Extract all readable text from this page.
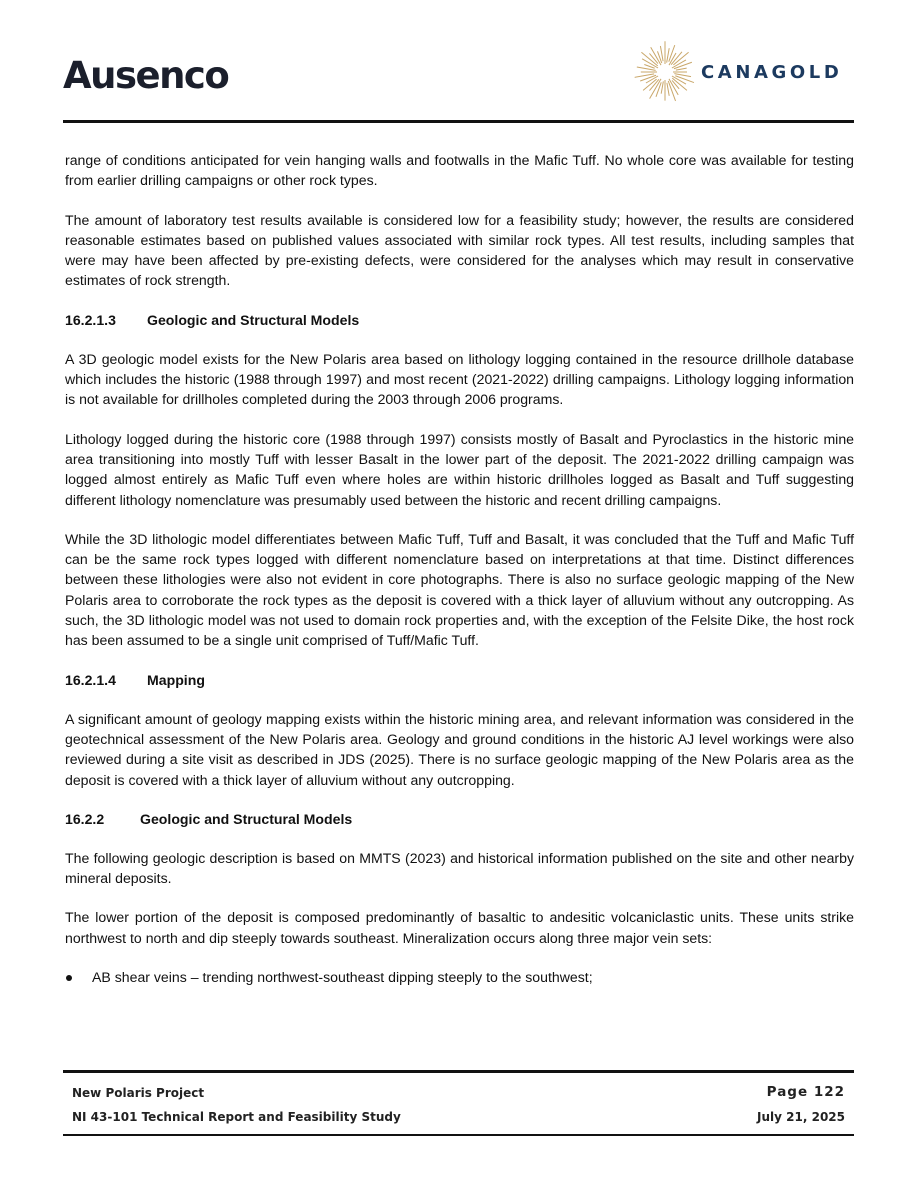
Ausenco	CANAGOLD

range of conditions anticipated for vein hanging walls and footwalls in the Mafic Tuff. No whole core was available for testing from earlier drilling campaigns or other rock types.

The amount of laboratory test results available is considered low for a feasibility study; however, the results are considered reasonable estimates based on published values associated with similar rock types. All test results, including samples that were may have been affected by pre-existing defects, were considered for the analyses which may result in conservative estimates of rock strength.

16.2.1.3 Geologic and Structural Models

A 3D geologic model exists for the New Polaris area based on lithology logging contained in the resource drillhole database which includes the historic (1988 through 1997) and most recent (2021-2022) drilling campaigns. Lithology logging information is not available for drillholes completed during the 2003 through 2006 programs.

Lithology logged during the historic core (1988 through 1997) consists mostly of Basalt and Pyroclastics in the historic mine area transitioning into mostly Tuff with lesser Basalt in the lower part of the deposit. The 2021-2022 drilling campaign was logged almost entirely as Mafic Tuff even where holes are within historic drillholes logged as Basalt and Tuff suggesting different lithology nomenclature was presumably used between the historic and recent drilling campaigns.

While the 3D lithologic model differentiates between Mafic Tuff, Tuff and Basalt, it was concluded that the Tuff and Mafic Tuff can be the same rock types logged with different nomenclature based on interpretations at that time. Distinct differences between these lithologies were also not evident in core photographs. There is also no surface geologic mapping of the New Polaris area to corroborate the rock types as the deposit is covered with a thick layer of alluvium without any outcropping. As such, the 3D lithologic model was not used to domain rock properties and, with the exception of the Felsite Dike, the host rock has been assumed to be a single unit comprised of Tuff/Mafic Tuff.

16.2.1.4 Mapping

A significant amount of geology mapping exists within the historic mining area, and relevant information was considered in the geotechnical assessment of the New Polaris area. Geology and ground conditions in the historic AJ level workings were also reviewed during a site visit as described in JDS (2025). There is no surface geologic mapping of the New Polaris area as the deposit is covered with a thick layer of alluvium without any outcropping.

16.2.2	Geologic and Structural Models

The following geologic description is based on MMTS (2023) and historical information published on the site and other nearby mineral deposits.

The lower portion of the deposit is composed predominantly of basaltic to andesitic volcaniclastic units. These units strike northwest to north and dip steeply towards southeast. Mineralization occurs along three major vein sets:

AB shear veins – trending northwest-southeast dipping steeply to the southwest;
New Polaris Project
NI 43-101 Technical Report and Feasibility Study
Page 122
July 21, 2025
